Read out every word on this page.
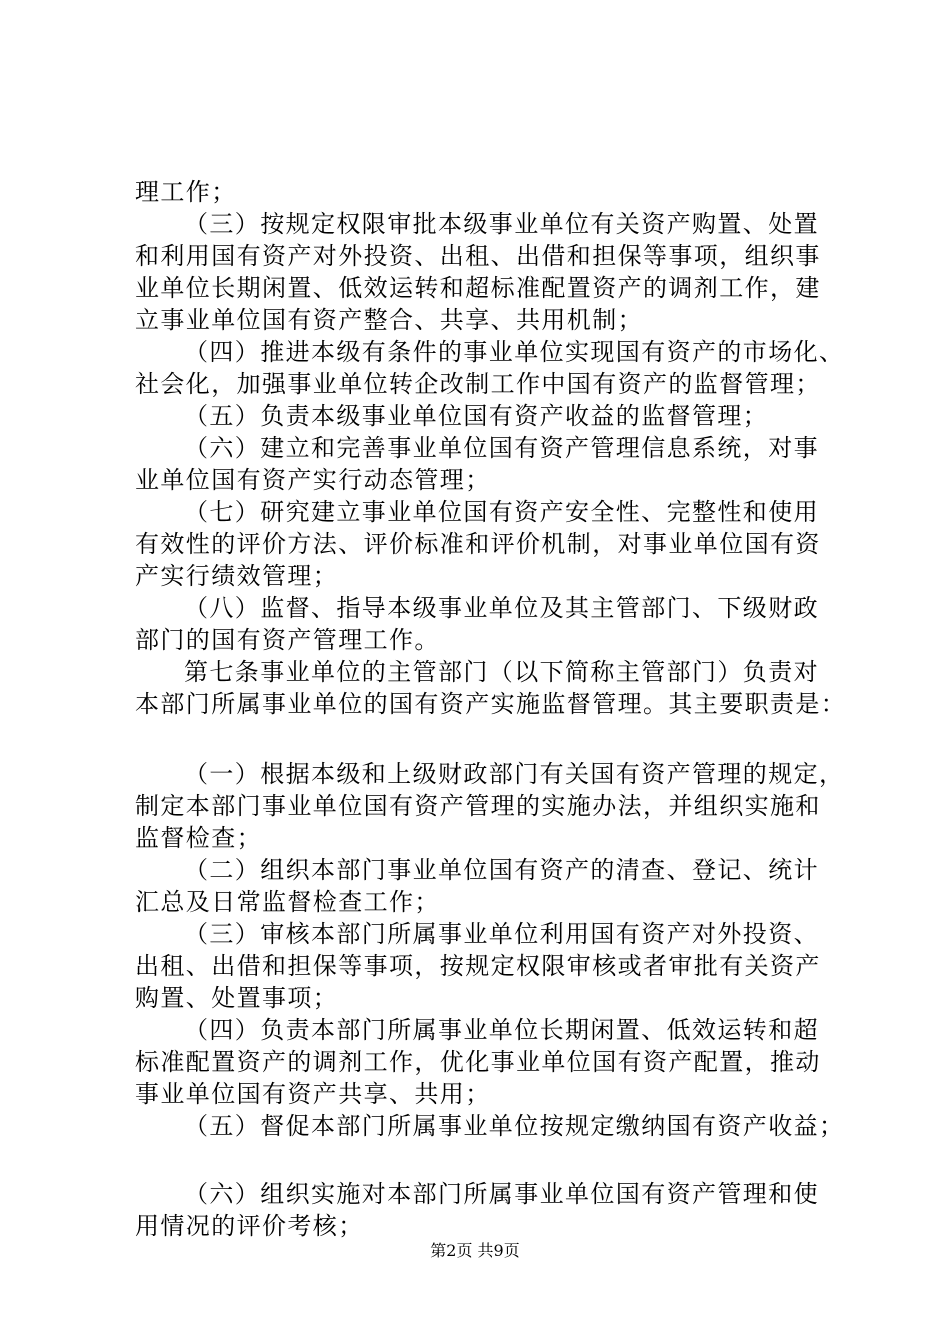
理工作；
（三）按规定权限审批本级事业单位有关资产购置、处置
和利用国有资产对外投资、出租、出借和担保等事项，组织事
业单位长期闲置、低效运转和超标准配置资产的调剂工作，建
立事业单位国有资产整合、共享、共用机制；
（四）推进本级有条件的事业单位实现国有资产的市场化、
社会化，加强事业单位转企改制工作中国有资产的监督管理；
（五）负责本级事业单位国有资产收益的监督管理；
（六）建立和完善事业单位国有资产管理信息系统，对事
业单位国有资产实行动态管理；
（七）研究建立事业单位国有资产安全性、完整性和使用
有效性的评价方法、评价标准和评价机制，对事业单位国有资
产实行绩效管理；
（八）监督、指导本级事业单位及其主管部门、下级财政
部门的国有资产管理工作。
第七条事业单位的主管部门（以下简称主管部门）负责对
本部门所属事业单位的国有资产实施监督管理。其主要职责是：
（一）根据本级和上级财政部门有关国有资产管理的规定，
制定本部门事业单位国有资产管理的实施办法，并组织实施和
监督检查；
（二）组织本部门事业单位国有资产的清查、登记、统计
汇总及日常监督检查工作；
（三）审核本部门所属事业单位利用国有资产对外投资、
出租、出借和担保等事项，按规定权限审核或者审批有关资产
购置、处置事项；
（四）负责本部门所属事业单位长期闲置、低效运转和超
标准配置资产的调剂工作，优化事业单位国有资产配置，推动
事业单位国有资产共享、共用；
（五）督促本部门所属事业单位按规定缴纳国有资产收益；
（六）组织实施对本部门所属事业单位国有资产管理和使
用情况的评价考核；
第2页 共9页
